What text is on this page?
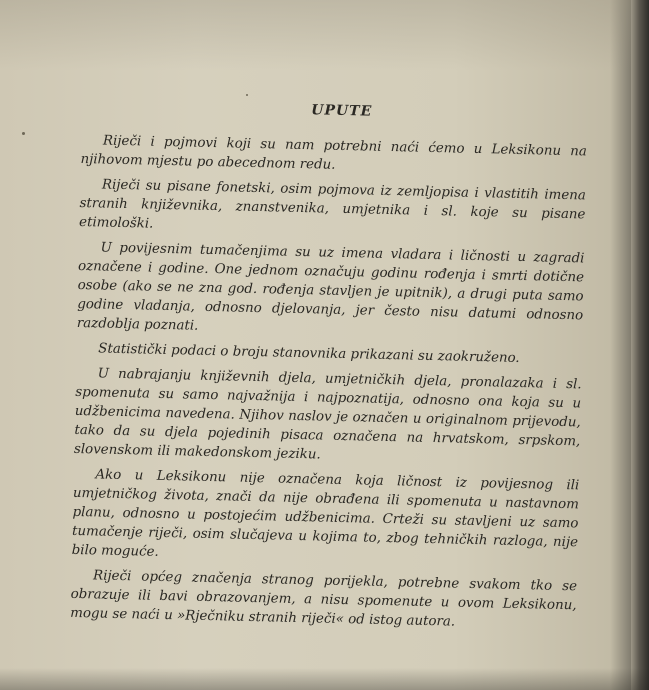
UPUTE

Riječi i pojmovi koji su nam potrebni naći ćemo u Leksikonu na njihovom mjestu po abecednom redu.

Riječi su pisane fonetski, osim pojmova iz zemljopisa i vlastitih imena stranih književnika, znanstvenika, umjetnika i sl. koje su pisane etimološki.

U povijesnim tumačenjima su uz imena vladara i ličnosti u zagradi označene i godine. One jednom označuju godinu rođenja i smrti dotične osobe (ako se ne zna god. rođenja stavljen je upitnik), a drugi puta samo godine vladanja, odnosno djelovanja, jer često nisu datumi odnosno razdoblja poznati.

Statistički podaci o broju stanovnika prikazani su zaokruženo.

U nabrajanju književnih djela, umjetničkih djela, pronalazaka i sl. spomenuta su samo najvažnija i najpoznatija, odnosno ona koja su u udžbenicima navedena. Njihov naslov je označen u originalnom prijevodu, tako da su djela pojedinih pisaca označena na hrvatskom, srpskom, slovenskom ili makedonskom jeziku.

Ako u Leksikonu nije označena koja ličnost iz povijesnog ili umjetničkog života, znači da nije obrađena ili spomenuta u nastavnom planu, odnosno u postojećim udžbenicima. Crteži su stavljeni uz samo tumačenje riječi, osim slučajeva u kojima to, zbog tehničkih razloga, nije bilo moguće.

Riječi općeg značenja stranog porijekla, potrebne svakom tko se obrazuje ili bavi obrazovanjem, a nisu spomenute u ovom Leksikonu, mogu se naći u »Rječniku stranih riječi« od istog autora.
